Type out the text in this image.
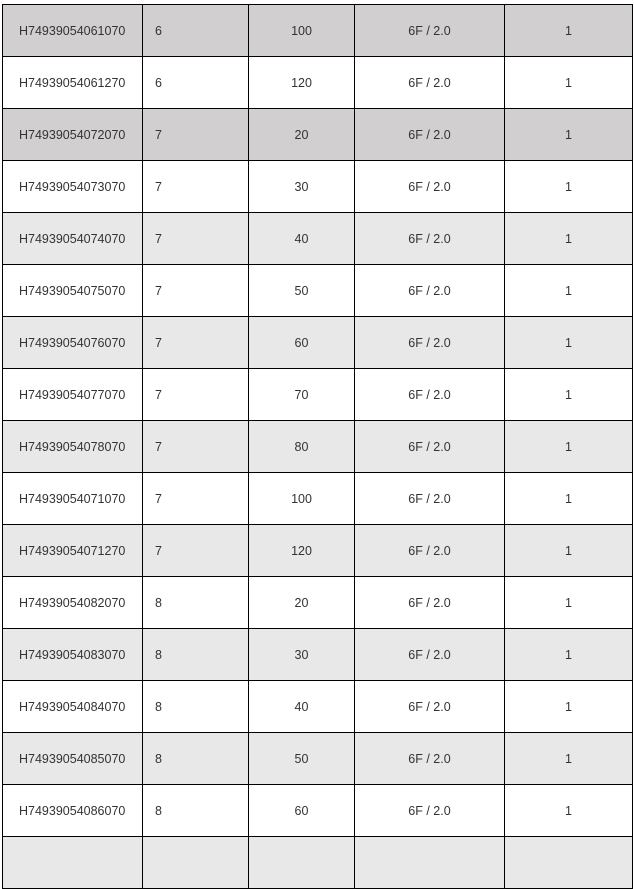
H74939054061070	6	100	6F / 2.0	1
H74939054061270	6	120	6F / 2.0	1
H74939054072070	7	20	6F / 2.0	1
H74939054073070	7	30	6F / 2.0	1
H74939054074070	7	40	6F / 2.0	1
H74939054075070	7	50	6F / 2.0	1
H74939054076070	7	60	6F / 2.0	1
H74939054077070	7	70	6F / 2.0	1
H74939054078070	7	80	6F / 2.0	1
H74939054071070	7	100	6F / 2.0	1
H74939054071270	7	120	6F / 2.0	1
H74939054082070	8	20	6F / 2.0	1
H74939054083070	8	30	6F / 2.0	1
H74939054084070	8	40	6F / 2.0	1
H74939054085070	8	50	6F / 2.0	1
H74939054086070	8	60	6F / 2.0	1
